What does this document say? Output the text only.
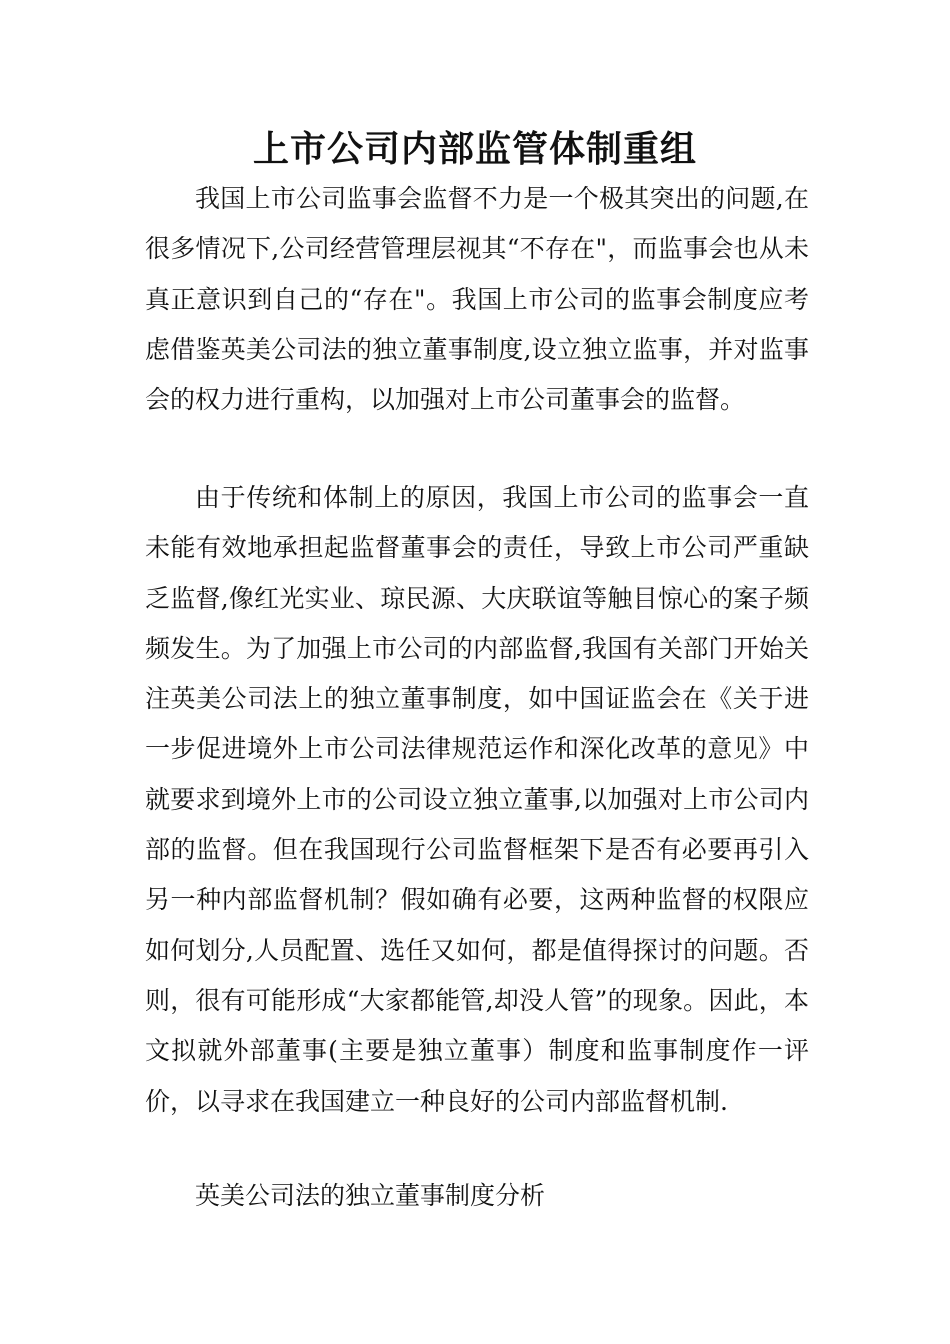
上市公司内部监管体制重组

我国上市公司监事会监督不力是一个极其突出的问题,在很多情况下,公司经营管理层视其“不存在"，而监事会也从未真正意识到自己的“存在"。我国上市公司的监事会制度应考虑借鉴英美公司法的独立董事制度,设立独立监事，并对监事会的权力进行重构，以加强对上市公司董事会的监督。

由于传统和体制上的原因，我国上市公司的监事会一直未能有效地承担起监督董事会的责任，导致上市公司严重缺乏监督,像红光实业、琼民源、大庆联谊等触目惊心的案子频频发生。为了加强上市公司的内部监督,我国有关部门开始关注英美公司法上的独立董事制度，如中国证监会在《关于进一步促进境外上市公司法律规范运作和深化改革的意见》中就要求到境外上市的公司设立独立董事,以加强对上市公司内部的监督。但在我国现行公司监督框架下是否有必要再引入另一种内部监督机制？假如确有必要，这两种监督的权限应如何划分,人员配置、选任又如何，都是值得探讨的问题。否则，很有可能形成“大家都能管,却没人管”的现象。因此，本文拟就外部董事(主要是独立董事）制度和监事制度作一评价，以寻求在我国建立一种良好的公司内部监督机制.

英美公司法的独立董事制度分析
